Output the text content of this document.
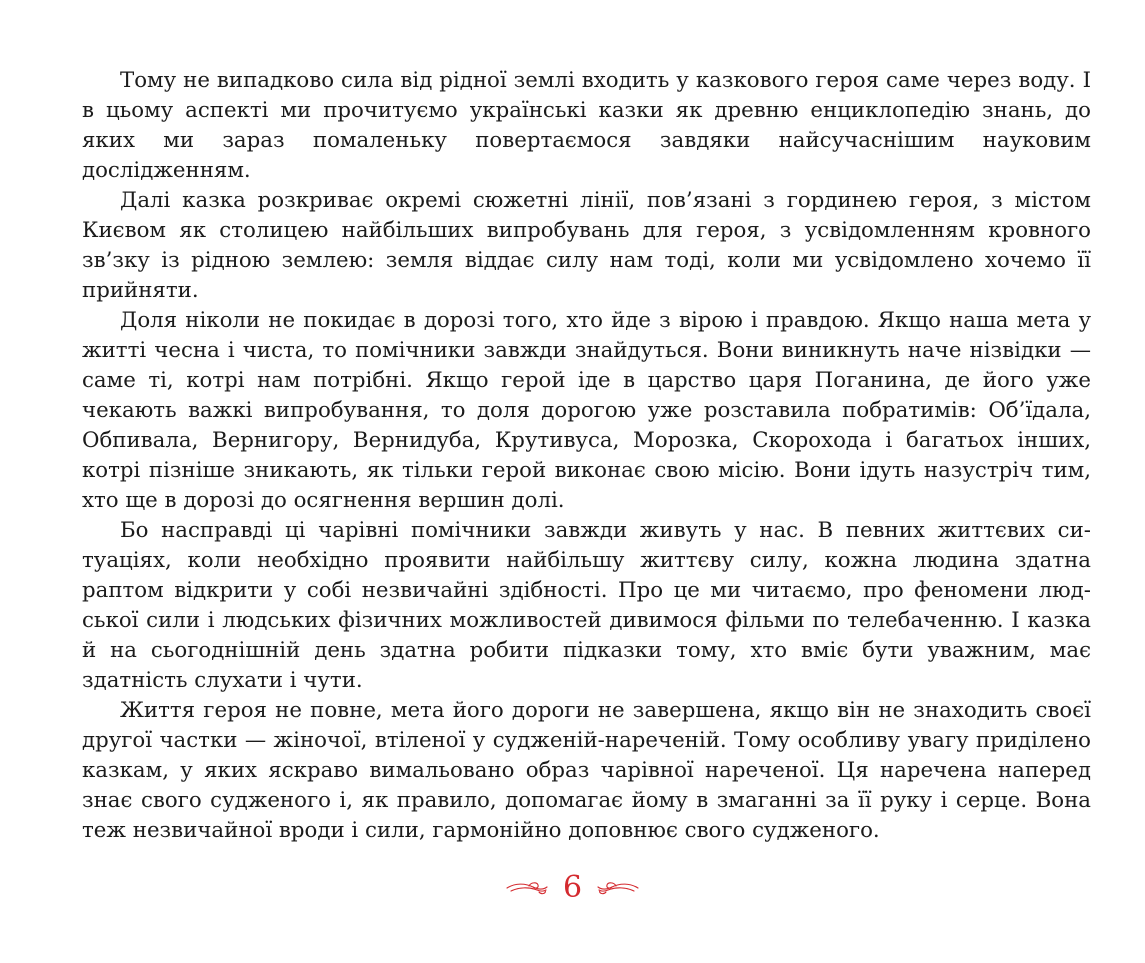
Тому не випадково сила від рідної землі входить у казкового героя саме через воду. І в цьому аспекті ми прочитуємо українські казки як древню енциклопедію знань, до яких ми зараз помаленьку повертаємося завдяки найсучаснішим науковим дослідженням.

Далі казка розкриває окремі сюжетні лінії, пов’язані з гординею героя, з містом Києвом як столицею найбільших випробувань для героя, з усвідомленням кровного зв’зку із рідною землею: земля віддає силу нам тоді, коли ми усвідомлено хочемо її прийняти.

Доля ніколи не покидає в дорозі того, хто йде з вірою і правдою. Якщо наша мета у житті чесна і чиста, то помічники завжди знайдуться. Вони виникнуть наче нізвідки — саме ті, котрі нам потрібні. Якщо герой іде в царство царя Поганина, де його уже чекають важкі випробування, то доля дорогою уже розставила побратимів: Об’їдала, Обпивала, Вернигору, Вернидуба, Крутивуса, Морозка, Скорохода і багатьох інших, котрі пізніше зникають, як тільки герой виконає свою місію. Вони ідуть назустріч тим, хто ще в дорозі до осягнення вершин долі.

Бо насправді ці чарівні помічники завжди живуть у нас. В певних життєвих ситуаціях, коли необхідно проявити найбільшу життєву силу, кожна людина здатна раптом відкрити у собі незвичайні здібності. Про це ми читаємо, про феномени людської сили і людських фізичних можливостей дивимося фільми по телебаченню. І казка й на сьогоднішній день здатна робити підказки тому, хто вміє бути уважним, має здатність слухати і чути.

Життя героя не повне, мета його дороги не завершена, якщо він не знаходить своєї другої частки — жіночої, втіленої у судженій-нареченій. Тому особливу увагу приділено казкам, у яких яскраво вимальовано образ чарівної нареченої. Ця наречена наперед знає свого судженого і, як правило, допомагає йому в змаганні за її руку і серце. Вона теж незвичайної вроди і сили, гармонійно доповнює свого судженого.

6
